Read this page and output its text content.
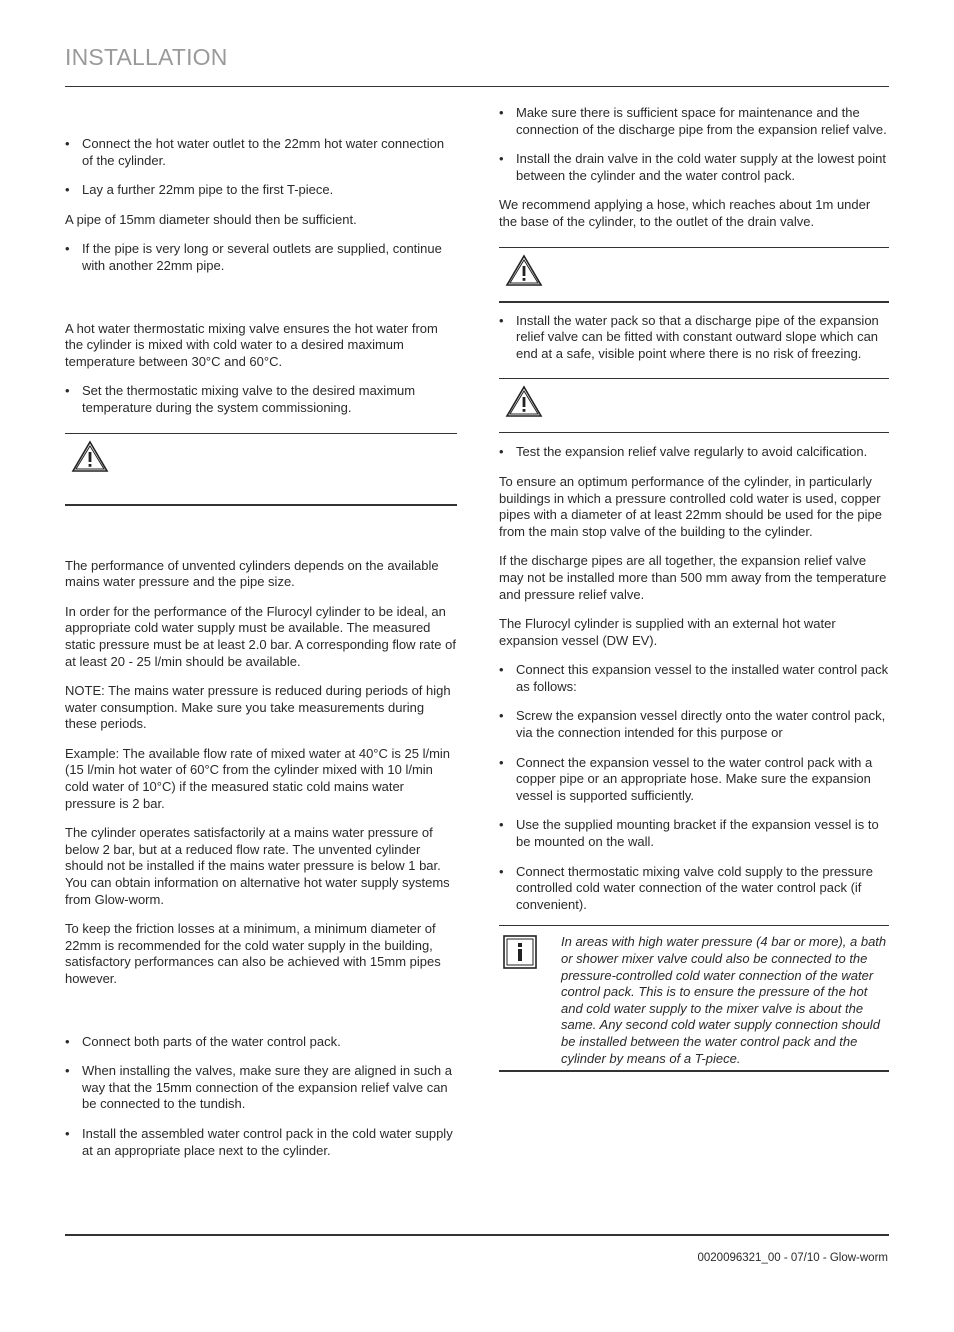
INSTALLATION

• Connect the hot water outlet to the 22mm hot water connection of the cylinder.

• Lay a further 22mm pipe to the first T-piece.

A pipe of 15mm diameter should then be sufficient.

• If the pipe is very long or several outlets are supplied, continue with another 22mm pipe.

A hot water thermostatic mixing valve ensures the hot water from the cylinder is mixed with cold water to a desired maximum temperature between 30°C and 60°C.

• Set the thermostatic mixing valve to the desired maximum temperature during the system commissioning.

The performance of unvented cylinders depends on the available mains water pressure and the pipe size.

In order for the performance of the Flurocyl cylinder to be ideal, an appropriate cold water supply must be available. The measured static pressure must be at least 2.0 bar. A corresponding flow rate of at least 20 - 25 l/min should be available.

NOTE: The mains water pressure is reduced during periods of high water consumption. Make sure you take measurements during these periods.

Example: The available flow rate of mixed water at 40°C is 25 l/min (15 l/min hot water of 60°C from the cylinder mixed with 10 l/min cold water of 10°C) if the measured static cold mains water pressure is 2 bar.

The cylinder operates satisfactorily at a mains water pressure of below 2 bar, but at a reduced flow rate. The unvented cylinder should not be installed if the mains water pressure is below 1 bar. You can obtain information on alternative hot water supply systems from Glow-worm.

To keep the friction losses at a minimum, a minimum diameter of 22mm is recommended for the cold water supply in the building, satisfactory performances can also be achieved with 15mm pipes however.

• Connect both parts of the water control pack.

• When installing the valves, make sure they are aligned in such a way that the 15mm connection of the expansion relief valve can be connected to the tundish.

• Install the assembled water control pack in the cold water supply at an appropriate place next to the cylinder.

• Make sure there is sufficient space for maintenance and the connection of the discharge pipe from the expansion relief valve.

• Install the drain valve in the cold water supply at the lowest point between the cylinder and the water control pack.

We recommend applying a hose, which reaches about 1m under the base of the cylinder, to the outlet of the drain valve.

• Install the water pack so that a discharge pipe of the expansion relief valve can be fitted with constant outward slope which can end at a safe, visible point where there is no risk of freezing.

• Test the expansion relief valve regularly to avoid calcification.

To ensure an optimum performance of the cylinder, in particularly buildings in which a pressure controlled cold water is used, copper pipes with a diameter of at least 22mm should be used for the pipe from the main stop valve of the building to the cylinder.

If the discharge pipes are all together, the expansion relief valve may not be installed more than 500 mm away from the temperature and pressure relief valve.

The Flurocyl cylinder is supplied with an external hot water expansion vessel (DW EV).

• Connect this expansion vessel to the installed water control pack as follows:

• Screw the expansion vessel directly onto the water control pack, via the connection intended for this purpose or

• Connect the expansion vessel to the water control pack with a copper pipe or an appropriate hose. Make sure the expansion vessel is supported sufficiently.

• Use the supplied mounting bracket if the expansion vessel is to be mounted on the wall.

• Connect thermostatic mixing valve cold supply to the pressure controlled cold water connection of the water control pack (if convenient).

In areas with high water pressure (4 bar or more), a bath or shower mixer valve could also be connected to the pressure-controlled cold water connection of the water control pack. This is to ensure the pressure of the hot and cold water supply to the mixer valve is about the same. Any second cold water supply connection should be installed between the water control pack and the cylinder by means of a T-piece.

0020096321_00 - 07/10 - Glow-worm
